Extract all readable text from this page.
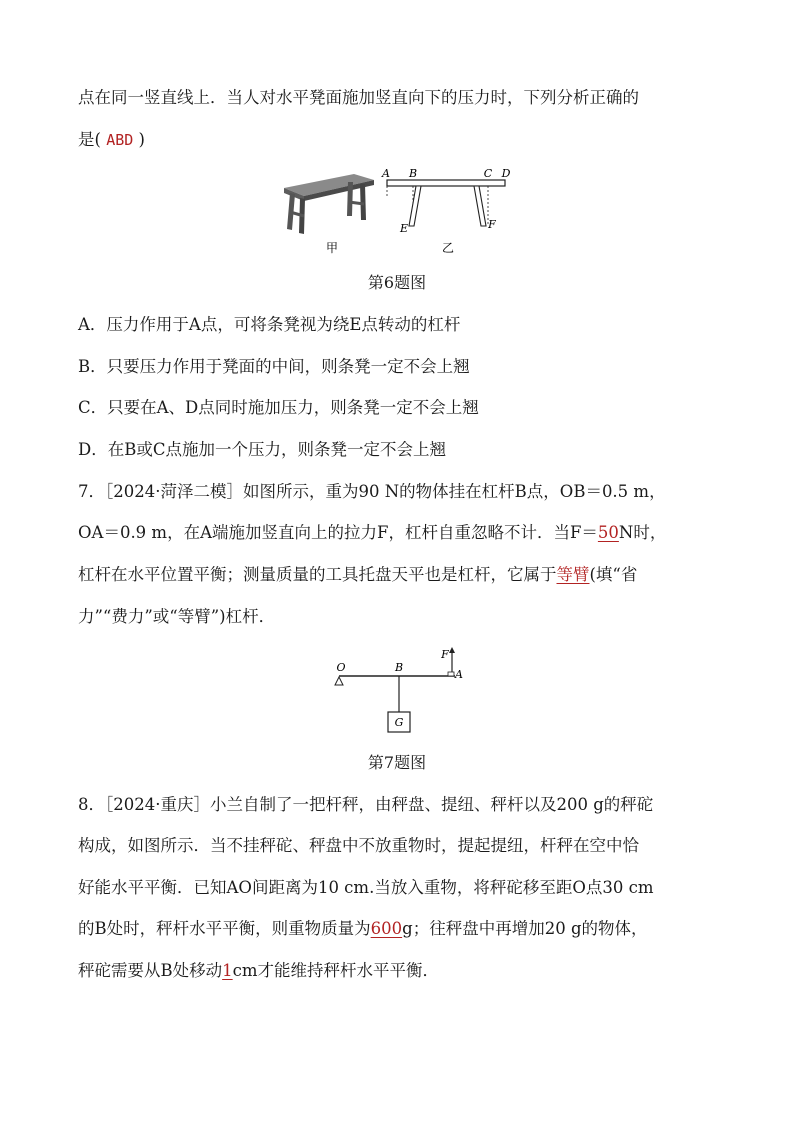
点在同一竖直线上．当人对水平凳面施加竖直向下的压力时，下列分析正确的
是( ABD )
甲
A B	C D
E	F
乙
第6题图
A．压力作用于A点，可将条凳视为绕E点转动的杠杆
B．只要压力作用于凳面的中间，则条凳一定不会上翘
C．只要在A、D点同时施加压力，则条凳一定不会上翘
D．在B或C点施加一个压力，则条凳一定不会上翘
7．［2024·菏泽二模］如图所示，重为90 N的物体挂在杠杆B点，OB＝0.5 m，
OA＝0.9 m，在A端施加竖直向上的拉力F，杠杆自重忽略不计．当F＝50N时，
杠杆在水平位置平衡；测量质量的工具托盘天平也是杠杆，它属于等臂(填“省
力”“费力”或“等臂”)杠杆．
O	B
F
A
G
第7题图
8．［2024·重庆］小兰自制了一把杆秤，由秤盘、提纽、秤杆以及200 g的秤砣
构成，如图所示．当不挂秤砣、秤盘中不放重物时，提起提纽，杆秤在空中恰
好能水平平衡．已知AO间距离为10 cm.当放入重物，将秤砣移至距O点30 cm
的B处时，秤杆水平平衡，则重物质量为600g；往秤盘中再增加20 g的物体，
秤砣需要从B处移动1cm才能维持秤杆水平平衡．
